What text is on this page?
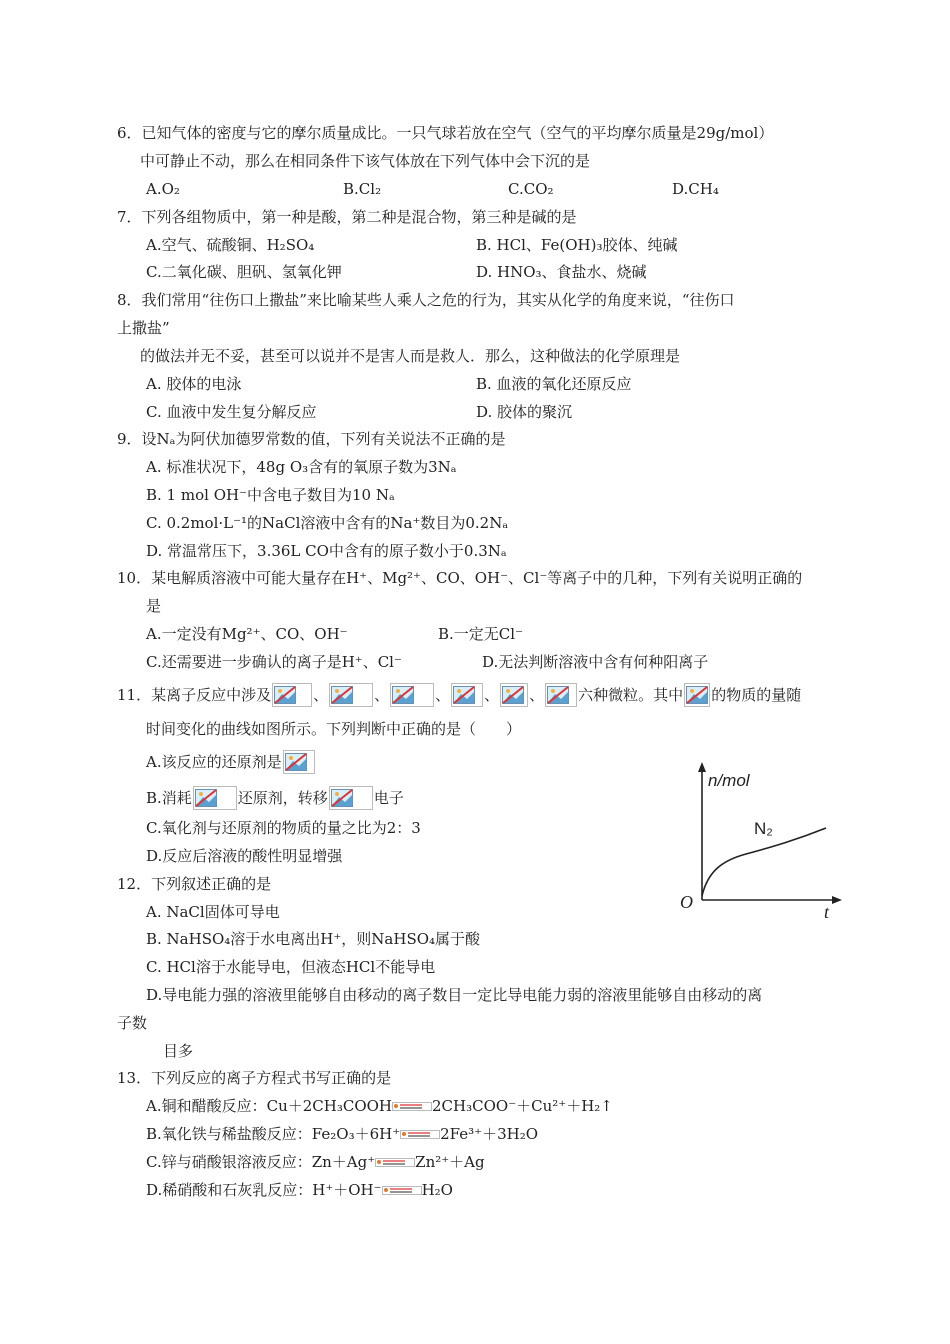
6．已知气体的密度与它的摩尔质量成比。一只气球若放在空气（空气的平均摩尔质量是29g/mol）
中可静止不动，那么在相同条件下该气体放在下列气体中会下沉的是
A.O₂	B.Cl₂	C.CO₂	D.CH₄
7．下列各组物质中，第一种是酸，第二种是混合物，第三种是碱的是
A.空气、硫酸铜、H₂SO₄	B. HCl、Fe(OH)₃胶体、纯碱
C.二氧化碳、胆矾、氢氧化钾	D. HNO₃、食盐水、烧碱
8．我们常用“往伤口上撒盐”来比喻某些人乘人之危的行为，其实从化学的角度来说，“往伤口
上撒盐”
的做法并无不妥，甚至可以说并不是害人而是救人．那么，这种做法的化学原理是
A. 胶体的电泳	B. 血液的氧化还原反应
C. 血液中发生复分解反应	D. 胶体的聚沉
9．设Nₐ为阿伏加德罗常数的值，下列有关说法不正确的是
A. 标准状况下，48g O₃含有的氧原子数为3Nₐ
B. 1 mol OH⁻中含电子数目为10 Nₐ
C. 0.2mol·L⁻¹的NaCl溶液中含有的Na⁺数目为0.2Nₐ
D. 常温常压下，3.36L CO中含有的原子数小于0.3Nₐ
10．某电解质溶液中可能大量存在H⁺、Mg²⁺、CO、OH⁻、Cl⁻等离子中的几种，下列有关说明正确的
是
A.一定没有Mg²⁺、CO、OH⁻	B.一定无Cl⁻
C.还需要进一步确认的离子是H⁺、Cl⁻	D.无法判断溶液中含有何种阳离子
11．某离子反应中涉及	、	、	、 、 、 六种微粒。其中 的物质的量随
时间变化的曲线如图所示。下列判断中正确的是（　　）
A.该反应的还原剂是
B.消耗	还原剂，转移	电子
C.氧化剂与还原剂的物质的量之比为2：3
D.反应后溶液的酸性明显增强
n/mol
N₂
O	t
12．下列叙述正确的是
A. NaCl固体可导电
B. NaHSO₄溶于水电离出H⁺，则NaHSO₄属于酸
C. HCl溶于水能导电，但液态HCl不能导电
D.导电能力强的溶液里能够自由移动的离子数目一定比导电能力弱的溶液里能够自由移动的离
子数
目多
13．下列反应的离子方程式书写正确的是
A.铜和醋酸反应：Cu＋2CH₃COOH	2CH₃COO⁻＋Cu²⁺＋H₂↑
B.氧化铁与稀盐酸反应：Fe₂O₃＋6H⁺	2Fe³⁺＋3H₂O
C.锌与硝酸银溶液反应：Zn＋Ag⁺	Zn²⁺＋Ag
D.稀硝酸和石灰乳反应：H⁺＋OH⁻	H₂O
